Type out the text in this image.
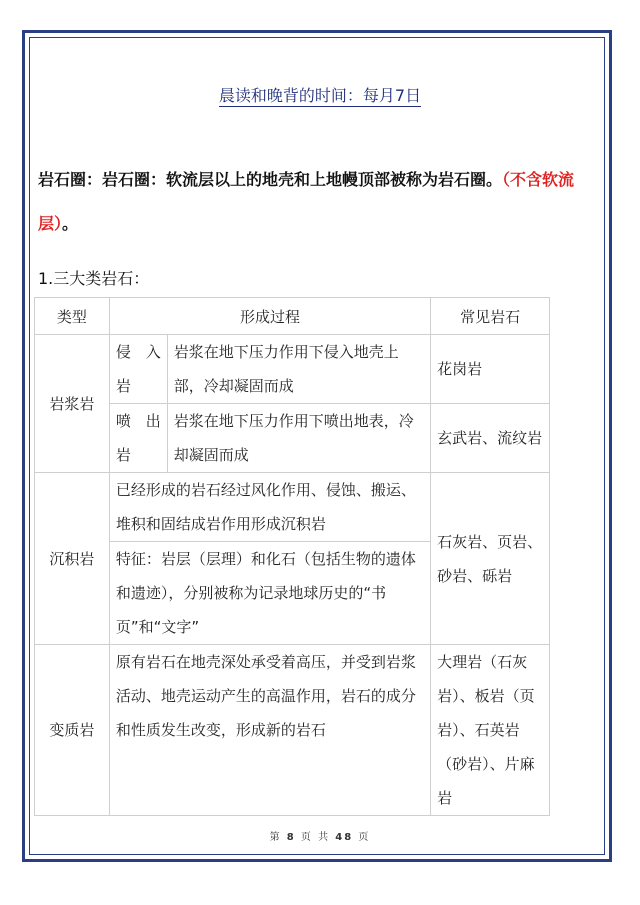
晨读和晚背的时间：每月7日
岩石圈：岩石圈：软流层以上的地壳和上地幔顶部被称为岩石圈。（不含软流层）。
1.三大类岩石：
类型	形成过程		常见岩石
岩浆岩	侵入岩	岩浆在地下压力作用下侵入地壳上部，冷却凝固而成	花岗岩
	喷出岩	岩浆在地下压力作用下喷出地表，冷却凝固而成	玄武岩、流纹岩
沉积岩	已经形成的岩石经过风化作用、侵蚀、搬运、堆积和固结成岩作用形成沉积岩		石灰岩、页岩、砂岩、砾岩
	特征：岩层（层理）和化石（包括生物的遗体和遗迹），分别被称为记录地球历史的“书页”和“文字”		
变质岩	原有岩石在地壳深处承受着高压，并受到岩浆活动、地壳运动产生的高温作用，岩石的成分和性质发生改变，形成新的岩石		大理岩（石灰岩）、板岩（页岩）、石英岩（砂岩）、片麻岩
第 8 页 共 48 页
